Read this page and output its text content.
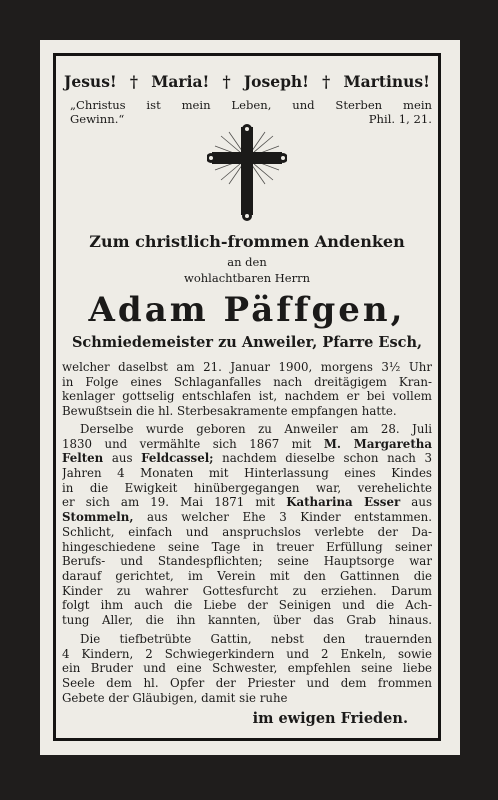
Jesus! † Maria! † Joseph! † Martinus!
„Christus ist mein Leben, und Sterben mein
Gewinn.“	Phil. 1, 21.
Zum christlich-frommen Andenken
an den
wohlachtbaren Herrn
Adam Päffgen,
Schmiedemeister zu Anweiler, Pfarre Esch,
welcher daselbst am 21. Januar 1900, morgens 3½ Uhr
in Folge eines Schlaganfalles nach dreitägigem Kran-
kenlager gottselig entschlafen ist, nachdem er bei vollem
Bewußtsein die hl. Sterbesakramente empfangen hatte.
Derselbe wurde geboren zu Anweiler am 28. Juli
1830 und vermählte sich 1867 mit M. Margaretha
Felten aus Feldcassel; nachdem dieselbe schon nach 3
Jahren 4 Monaten mit Hinterlassung eines Kindes
in die Ewigkeit hinübergegangen war, verehelichte
er sich am 19. Mai 1871 mit Katharina Esser aus
Stommeln, aus welcher Ehe 3 Kinder entstammen.
Schlicht, einfach und anspruchslos verlebte der Da-
hingeschiedene seine Tage in treuer Erfüllung seiner
Berufs- und Standespflichten; seine Hauptsorge war
darauf gerichtet, im Verein mit den Gattinnen die
Kinder zu wahrer Gottesfurcht zu erziehen. Darum
folgt ihm auch die Liebe der Seinigen und die Ach-
tung Aller, die ihn kannten, über das Grab hinaus.
Die tiefbetrübte Gattin, nebst den trauernden
4 Kindern, 2 Schwiegerkindern und 2 Enkeln, sowie
ein Bruder und eine Schwester, empfehlen seine liebe
Seele dem hl. Opfer der Priester und dem frommen
Gebete der Gläubigen, damit sie ruhe
im ewigen Frieden.
